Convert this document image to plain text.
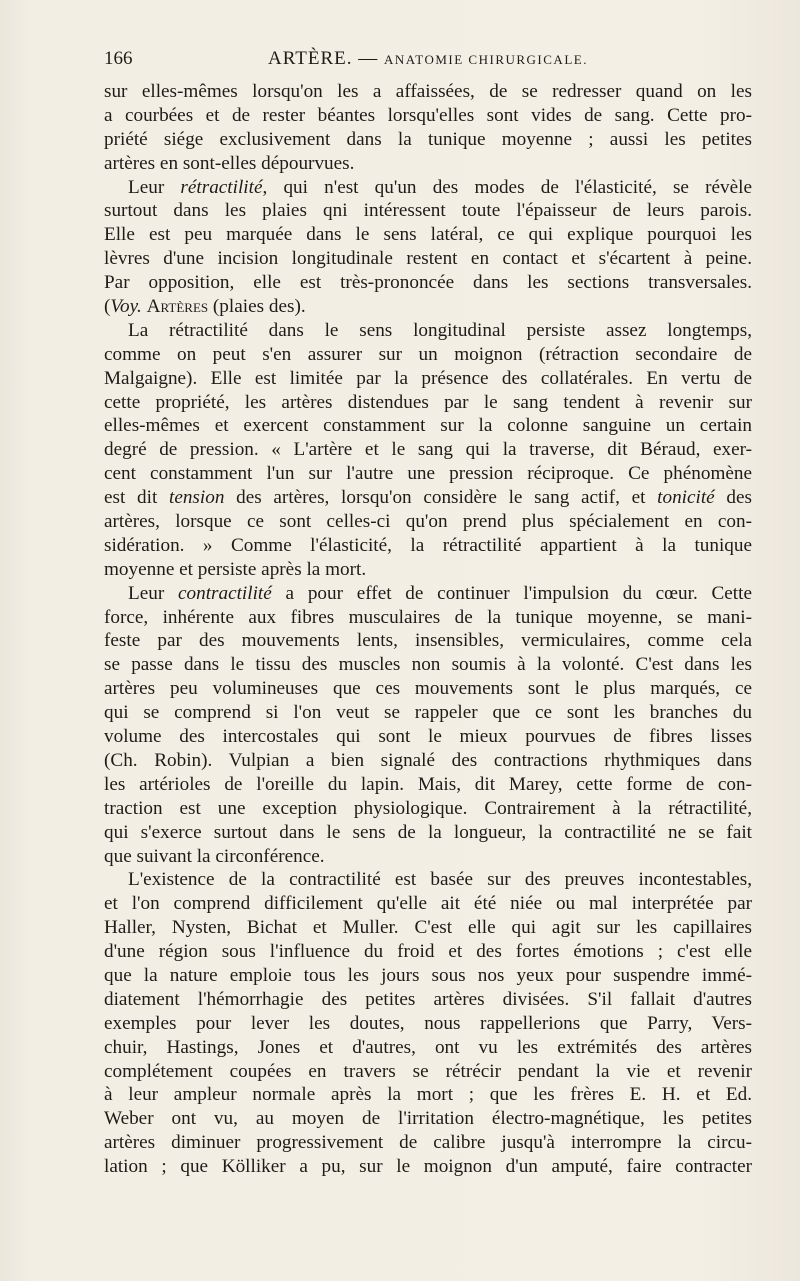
166	ARTÈRE. — ANATOMIE CHIRURGICALE.
sur elles-mêmes lorsqu'on les a affaissées, de se redresser quand on les
a courbées et de rester béantes lorsqu'elles sont vides de sang. Cette pro-
priété siége exclusivement dans la tunique moyenne ; aussi les petites
artères en sont-elles dépourvues.
Leur rétractilité, qui n'est qu'un des modes de l'élasticité, se révèle
surtout dans les plaies qni intéressent toute l'épaisseur de leurs parois.
Elle est peu marquée dans le sens latéral, ce qui explique pourquoi les
lèvres d'une incision longitudinale restent en contact et s'écartent à peine.
Par opposition, elle est très-prononcée dans les sections transversales.
(Voy. Artères (plaies des).
La rétractilité dans le sens longitudinal persiste assez longtemps,
comme on peut s'en assurer sur un moignon (rétraction secondaire de
Malgaigne). Elle est limitée par la présence des collatérales. En vertu de
cette propriété, les artères distendues par le sang tendent à revenir sur
elles-mêmes et exercent constamment sur la colonne sanguine un certain
degré de pression. « L'artère et le sang qui la traverse, dit Béraud, exer-
cent constamment l'un sur l'autre une pression réciproque. Ce phénomène
est dit tension des artères, lorsqu'on considère le sang actif, et tonicité des
artères, lorsque ce sont celles-ci qu'on prend plus spécialement en con-
sidération. » Comme l'élasticité, la rétractilité appartient à la tunique
moyenne et persiste après la mort.
Leur contractilité a pour effet de continuer l'impulsion du cœur. Cette
force, inhérente aux fibres musculaires de la tunique moyenne, se mani-
feste par des mouvements lents, insensibles, vermiculaires, comme cela
se passe dans le tissu des muscles non soumis à la volonté. C'est dans les
artères peu volumineuses que ces mouvements sont le plus marqués, ce
qui se comprend si l'on veut se rappeler que ce sont les branches du
volume des intercostales qui sont le mieux pourvues de fibres lisses
(Ch. Robin). Vulpian a bien signalé des contractions rhythmiques dans
les artérioles de l'oreille du lapin. Mais, dit Marey, cette forme de con-
traction est une exception physiologique. Contrairement à la rétractilité,
qui s'exerce surtout dans le sens de la longueur, la contractilité ne se fait
que suivant la circonférence.
L'existence de la contractilité est basée sur des preuves incontestables,
et l'on comprend difficilement qu'elle ait été niée ou mal interprétée par
Haller, Nysten, Bichat et Muller. C'est elle qui agit sur les capillaires
d'une région sous l'influence du froid et des fortes émotions ; c'est elle
que la nature emploie tous les jours sous nos yeux pour suspendre immé-
diatement l'hémorrhagie des petites artères divisées. S'il fallait d'autres
exemples pour lever les doutes, nous rappellerions que Parry, Vers-
chuir, Hastings, Jones et d'autres, ont vu les extrémités des artères
complétement coupées en travers se rétrécir pendant la vie et revenir
à leur ampleur normale après la mort ; que les frères E. H. et Ed.
Weber ont vu, au moyen de l'irritation électro-magnétique, les petites
artères diminuer progressivement de calibre jusqu'à interrompre la circu-
lation ; que Kölliker a pu, sur le moignon d'un amputé, faire contracter
